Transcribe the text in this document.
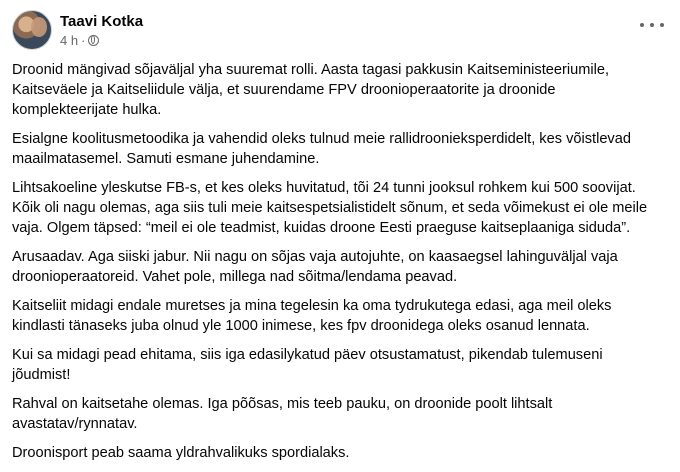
Taavi Kotka
4 h ·

Droonid mängivad sõjaväljal yha suuremat rolli. Aasta tagasi pakkusin Kaitseministeeriumile,
Kaitseväele ja Kaitseliidule välja, et suurendame FPV droonioperaatorite ja droonide
komplekteerijate hulka.

Esialgne koolitusmetoodika ja vahendid oleks tulnud meie rallidroonieksperdidelt, kes võistlevad
maailmatasemel. Samuti esmane juhendamine.

Lihtsakoeline yleskutse FB-s, et kes oleks huvitatud, tõi 24 tunni jooksul rohkem kui 500 soovijat.
Kõik oli nagu olemas, aga siis tuli meie kaitsespetsialistidelt sõnum, et seda võimekust ei ole meile
vaja. Olgem täpsed: “meil ei ole teadmist, kuidas droone Eesti praeguse kaitseplaaniga siduda”.

Arusaadav. Aga siiski jabur. Nii nagu on sõjas vaja autojuhte, on kaasaegsel lahinguväljal vaja
droonioperaatoreid. Vahet pole, millega nad sõitma/lendama peavad.

Kaitseliit midagi endale muretses ja mina tegelesin ka oma tydrukutega edasi, aga meil oleks
kindlasti tänaseks juba olnud yle 1000 inimese, kes fpv droonidega oleks osanud lennata.

Kui sa midagi pead ehitama, siis iga edasilykatud päev otsustamatust, pikendab tulemuseni
jõudmist!

Rahval on kaitsetahe olemas. Iga põõsas, mis teeb pauku, on droonide poolt lihtsalt
avastatav/rynnatav.

Droonisport peab saama yldrahvalikuks spordialaks.
